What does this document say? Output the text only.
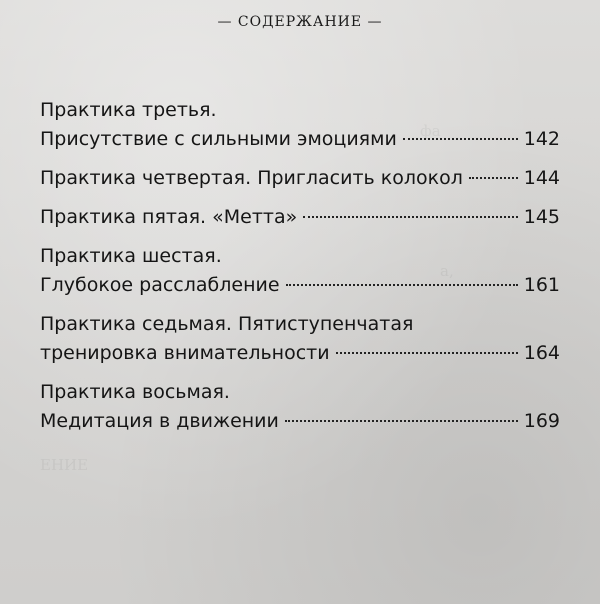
фа
а,
ЕНИЕ
— СОДЕРЖАНИЕ —
Практика третья.
Присутствие с сильными эмоциями	142
Практика четвертая. Пригласить колокол	144
Практика пятая. «Метта»	145
Практика шестая.
Глубокое расслабление	161
Практика седьмая. Пятиступенчатая
тренировка внимательности	164
Практика восьмая.
Медитация в движении	169
